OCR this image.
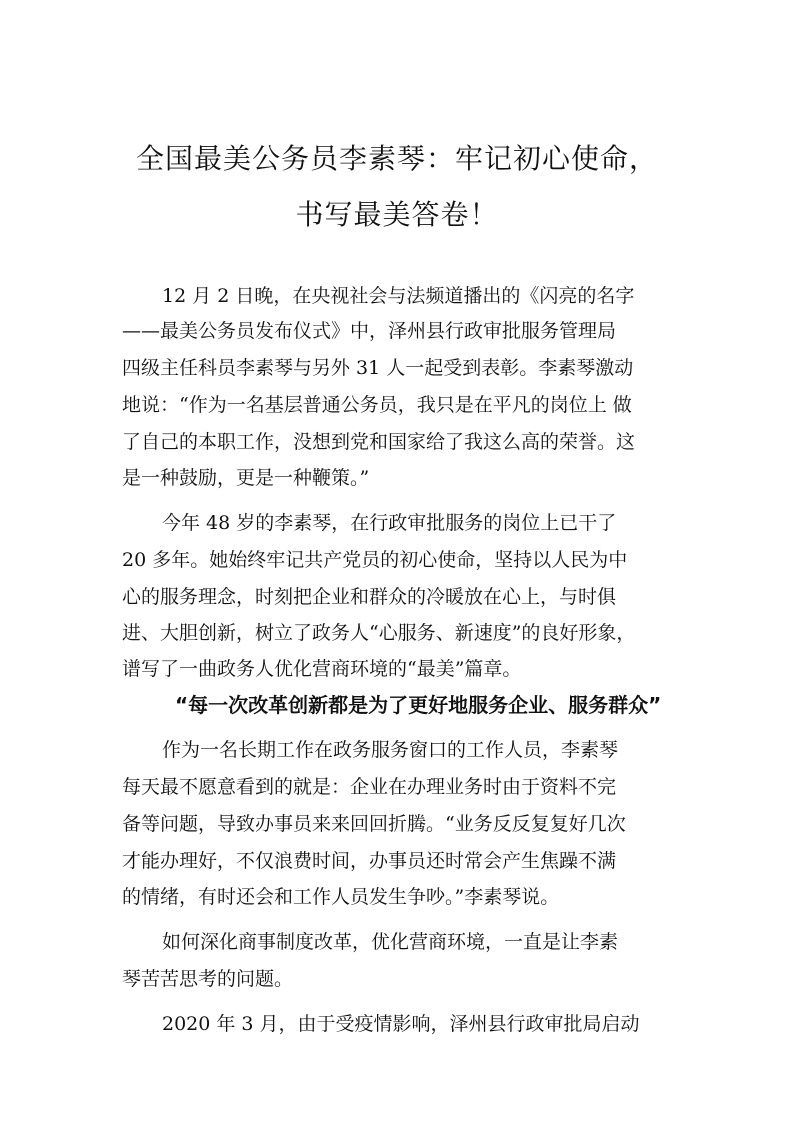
全国最美公务员李素琴：牢记初心使命，
书写最美答卷！
12 月 2 日晚，在央视社会与法频道播出的《闪亮的名字
——最美公务员发布仪式》中，泽州县行政审批服务管理局
四级主任科员李素琴与另外 31 人一起受到表彰。李素琴激动
地说：“作为一名基层普通公务员，我只是在平凡的岗位上 做
了自己的本职工作，没想到党和国家给了我这么高的荣誉。这
是一种鼓励，更是一种鞭策。”
今年 48 岁的李素琴，在行政审批服务的岗位上已干了
20 多年。她始终牢记共产党员的初心使命，坚持以人民为中
心的服务理念，时刻把企业和群众的冷暖放在心上，与时俱
进、大胆创新，树立了政务人“心服务、新速度”的良好形象，
谱写了一曲政务人优化营商环境的“最美”篇章。
“每一次改革创新都是为了更好地服务企业、服务群众”
作为一名长期工作在政务服务窗口的工作人员，李素琴
每天最不愿意看到的就是：企业在办理业务时由于资料不完
备等问题，导致办事员来来回回折腾。“业务反反复复好几次
才能办理好，不仅浪费时间，办事员还时常会产生焦躁不满
的情绪，有时还会和工作人员发生争吵。”李素琴说。
如何深化商事制度改革，优化营商环境，一直是让李素
琴苦苦思考的问题。
2020 年 3 月，由于受疫情影响，泽州县行政审批局启动
